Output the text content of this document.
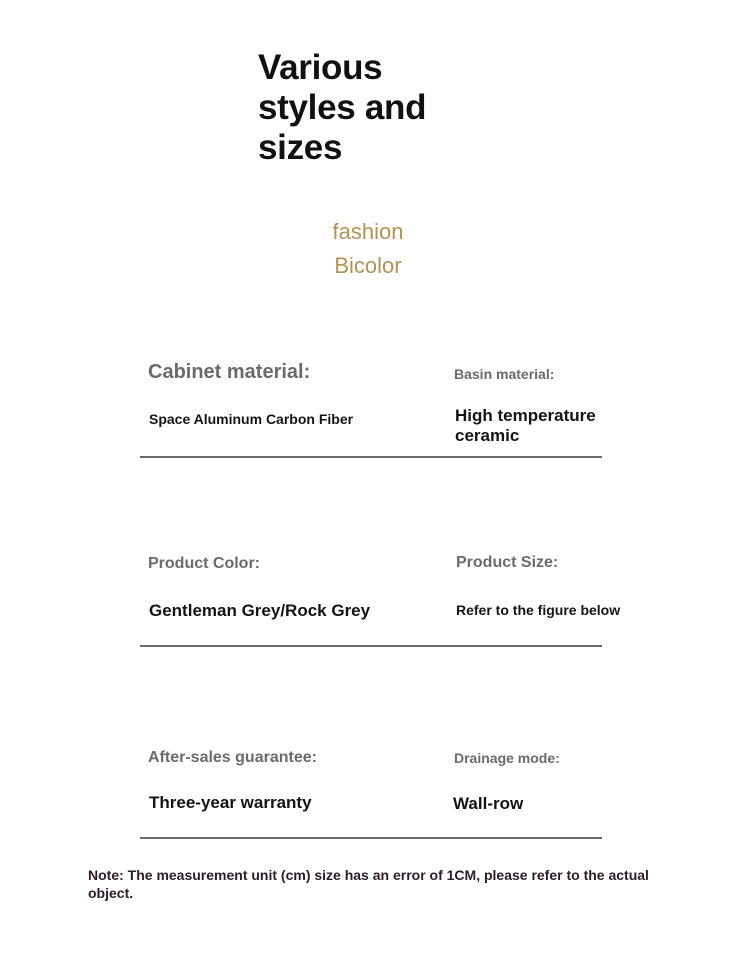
Various
styles and
sizes
fashion
Bicolor
Cabinet material:
Space Aluminum Carbon Fiber
Basin material:
High temperature
ceramic
Product Color:
Gentleman Grey/Rock Grey
Product Size:
Refer to the figure below
After-sales guarantee:
Three-year warranty
Drainage mode:
Wall-row
Note: The measurement unit (cm) size has an error of 1CM, please refer to the actual object.
